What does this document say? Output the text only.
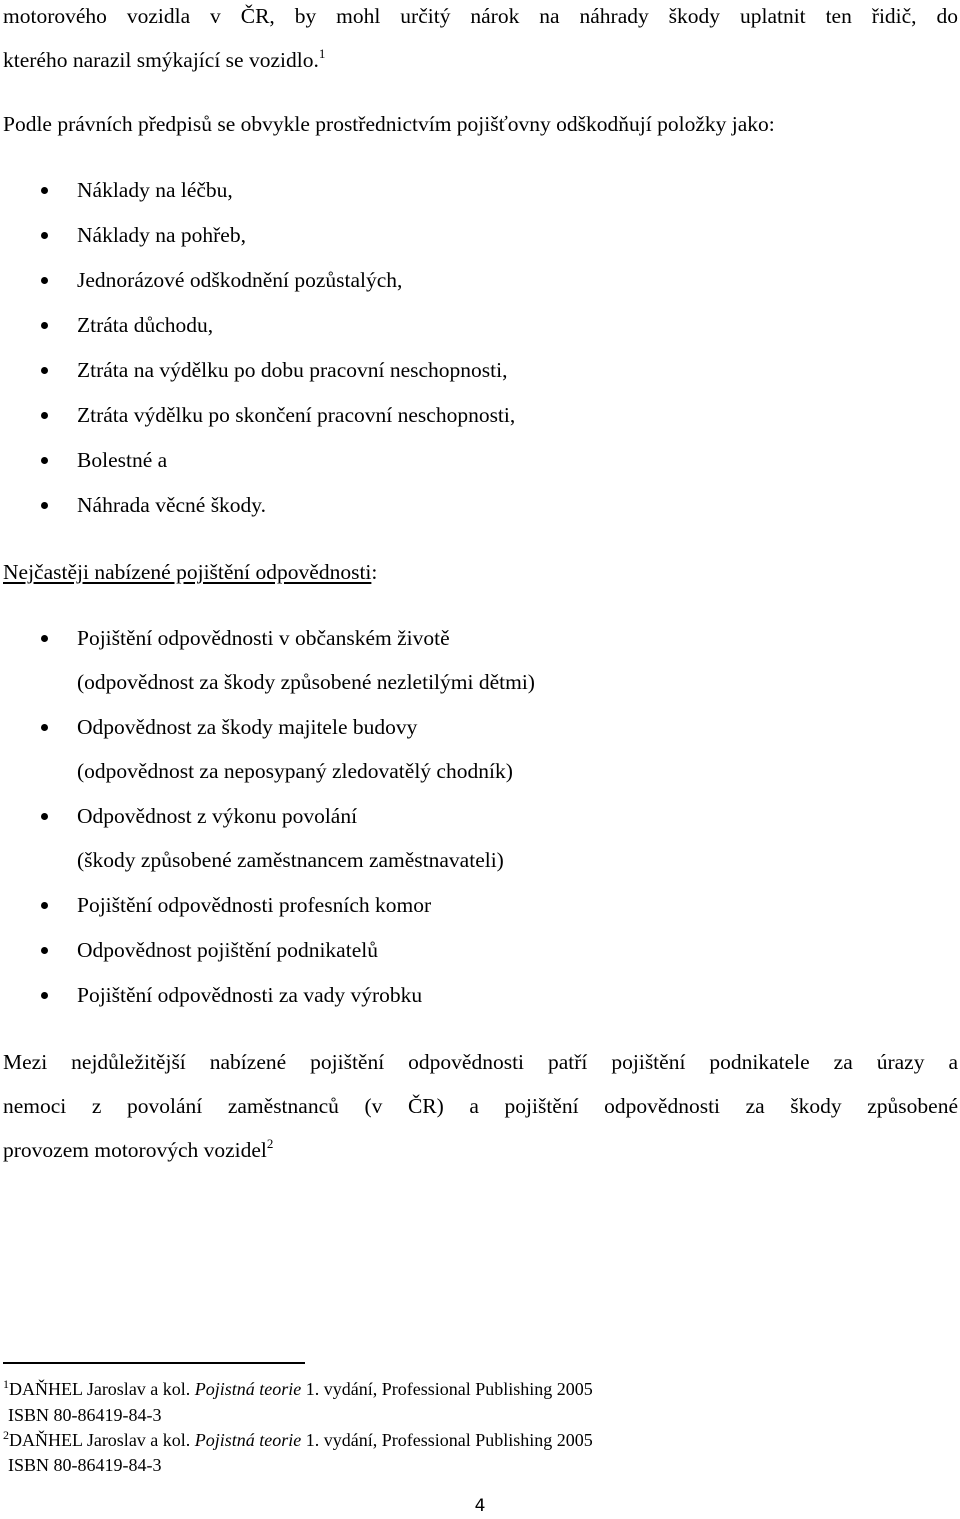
motorového vozidla v ČR, by mohl určitý nárok na náhrady škody uplatnit ten řidič, do
kterého narazil smýkající se vozidlo.$^1$
Podle právních předpisů se obvykle prostřednictvím pojišťovny odškodňují položky jako:
Náklady na léčbu,
Náklady na pohřeb,
Jednorázové odškodnění pozůstalých,
Ztráta důchodu,
Ztráta na výdělku po dobu pracovní neschopnosti,
Ztráta výdělku po skončení pracovní neschopnosti,
Bolestné a
Náhrada věcné škody.
Nejčastěji nabízené pojištění odpovědnosti:
Pojištění odpovědnosti v občanském životě
(odpovědnost za škody způsobené nezletilými dětmi)
Odpovědnost za škody majitele budovy
(odpovědnost za neposypaný zledovatělý chodník)
Odpovědnost z výkonu povolání
(škody způsobené zaměstnancem zaměstnavateli)
Pojištění odpovědnosti profesních komor
Odpovědnost pojištění podnikatelů
Pojištění odpovědnosti za vady výrobku
Mezi nejdůležitější nabízené pojištění odpovědnosti patří pojištění podnikatele za úrazy a
nemoci z povolání zaměstnanců (v ČR) a pojištění odpovědnosti za škody způsobené
provozem motorových vozidel$^2$
$^1$DAŇHEL Jaroslav a kol. Pojistná teorie 1. vydání, Professional Publishing 2005
ISBN 80-86419-84-3
$^2$DAŇHEL Jaroslav a kol. Pojistná teorie 1. vydání, Professional Publishing 2005
ISBN 80-86419-84-3
4
